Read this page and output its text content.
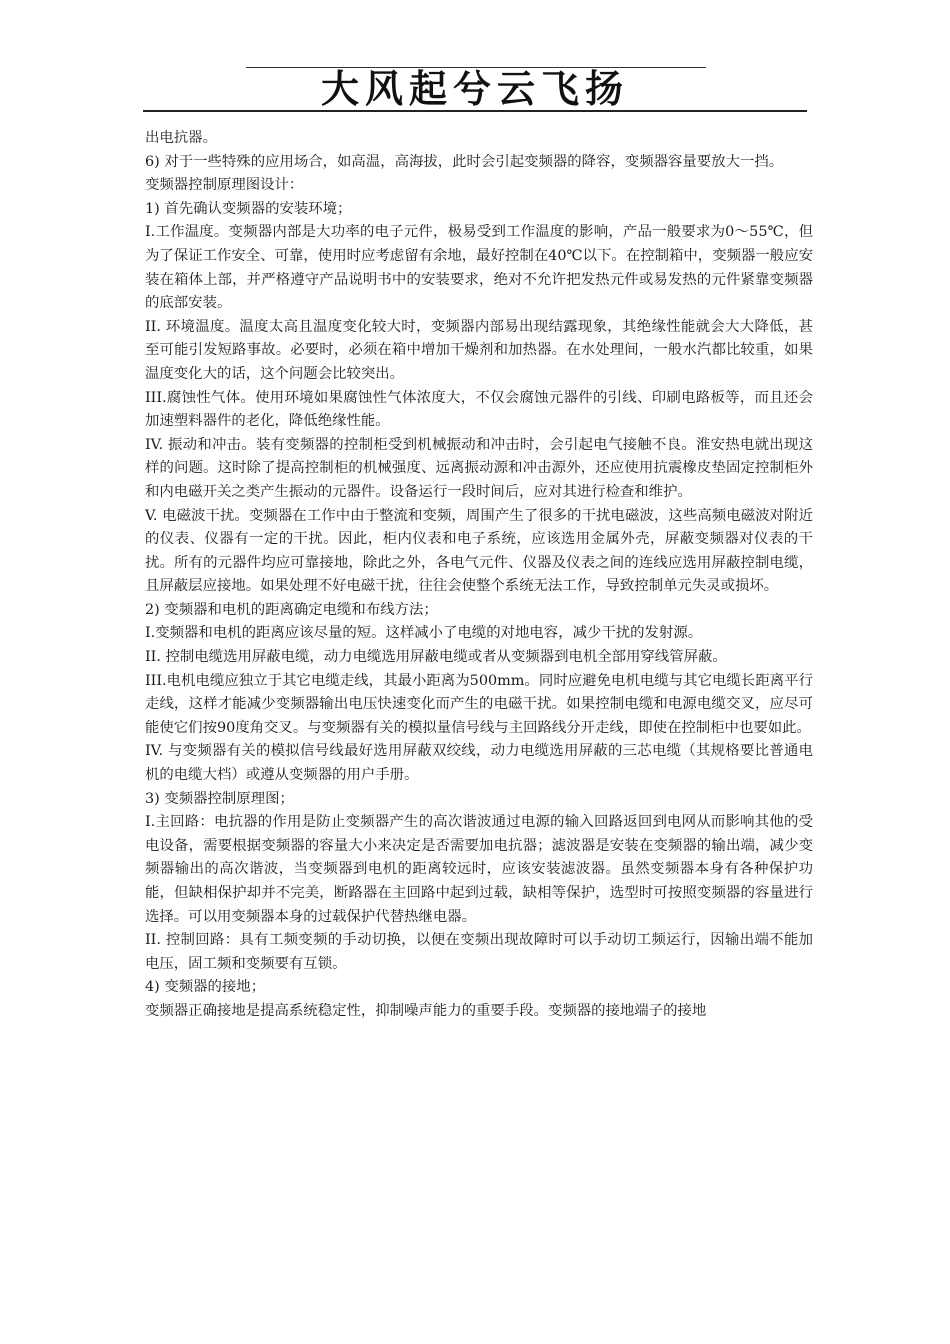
大风起兮云飞扬

出电抗器。

6) 对于一些特殊的应用场合，如高温，高海拔，此时会引起变频器的降容，变频器容量要放大一挡。

变频器控制原理图设计：

1) 首先确认变频器的安装环境；

I.工作温度。变频器内部是大功率的电子元件，极易受到工作温度的影响，产品一般要求为0～55℃，但为了保证工作安全、可靠，使用时应考虑留有余地，最好控制在40℃以下。在控制箱中，变频器一般应安装在箱体上部，并严格遵守产品说明书中的安装要求，绝对不允许把发热元件或易发热的元件紧靠变频器的底部安装。

II. 环境温度。温度太高且温度变化较大时，变频器内部易出现结露现象，其绝缘性能就会大大降低，甚至可能引发短路事故。必要时，必须在箱中增加干燥剂和加热器。在水处理间，一般水汽都比较重，如果温度变化大的话，这个问题会比较突出。

III.腐蚀性气体。使用环境如果腐蚀性气体浓度大，不仅会腐蚀元器件的引线、印刷电路板等，而且还会加速塑料器件的老化，降低绝缘性能。

IV. 振动和冲击。装有变频器的控制柜受到机械振动和冲击时，会引起电气接触不良。淮安热电就出现这样的问题。这时除了提高控制柜的机械强度、远离振动源和冲击源外，还应使用抗震橡皮垫固定控制柜外和内电磁开关之类产生振动的元器件。设备运行一段时间后，应对其进行检查和维护。

V. 电磁波干扰。变频器在工作中由于整流和变频，周围产生了很多的干扰电磁波，这些高频电磁波对附近的仪表、仪器有一定的干扰。因此，柜内仪表和电子系统，应该选用金属外壳，屏蔽变频器对仪表的干扰。所有的元器件均应可靠接地，除此之外，各电气元件、仪器及仪表之间的连线应选用屏蔽控制电缆，且屏蔽层应接地。如果处理不好电磁干扰，往往会使整个系统无法工作，导致控制单元失灵或损坏。

2) 变频器和电机的距离确定电缆和布线方法；

I.变频器和电机的距离应该尽量的短。这样减小了电缆的对地电容，减少干扰的发射源。

II. 控制电缆选用屏蔽电缆，动力电缆选用屏蔽电缆或者从变频器到电机全部用穿线管屏蔽。

III.电机电缆应独立于其它电缆走线，其最小距离为500mm。同时应避免电机电缆与其它电缆长距离平行走线，这样才能减少变频器输出电压快速变化而产生的电磁干扰。如果控制电缆和电源电缆交叉，应尽可能使它们按90度角交叉。与变频器有关的模拟量信号线与主回路线分开走线，即使在控制柜中也要如此。

IV. 与变频器有关的模拟信号线最好选用屏蔽双绞线，动力电缆选用屏蔽的三芯电缆（其规格要比普通电机的电缆大档）或遵从变频器的用户手册。

3) 变频器控制原理图；

I.主回路：电抗器的作用是防止变频器产生的高次谐波通过电源的输入回路返回到电网从而影响其他的受电设备，需要根据变频器的容量大小来决定是否需要加电抗器；滤波器是安装在变频器的输出端，减少变频器输出的高次谐波，当变频器到电机的距离较远时，应该安装滤波器。虽然变频器本身有各种保护功能，但缺相保护却并不完美，断路器在主回路中起到过载，缺相等保护，选型时可按照变频器的容量进行选择。可以用变频器本身的过载保护代替热继电器。

II. 控制回路：具有工频变频的手动切换，以便在变频出现故障时可以手动切工频运行，因输出端不能加电压，固工频和变频要有互锁。

4) 变频器的接地；

变频器正确接地是提高系统稳定性，抑制噪声能力的重要手段。变频器的接地端子的接地
